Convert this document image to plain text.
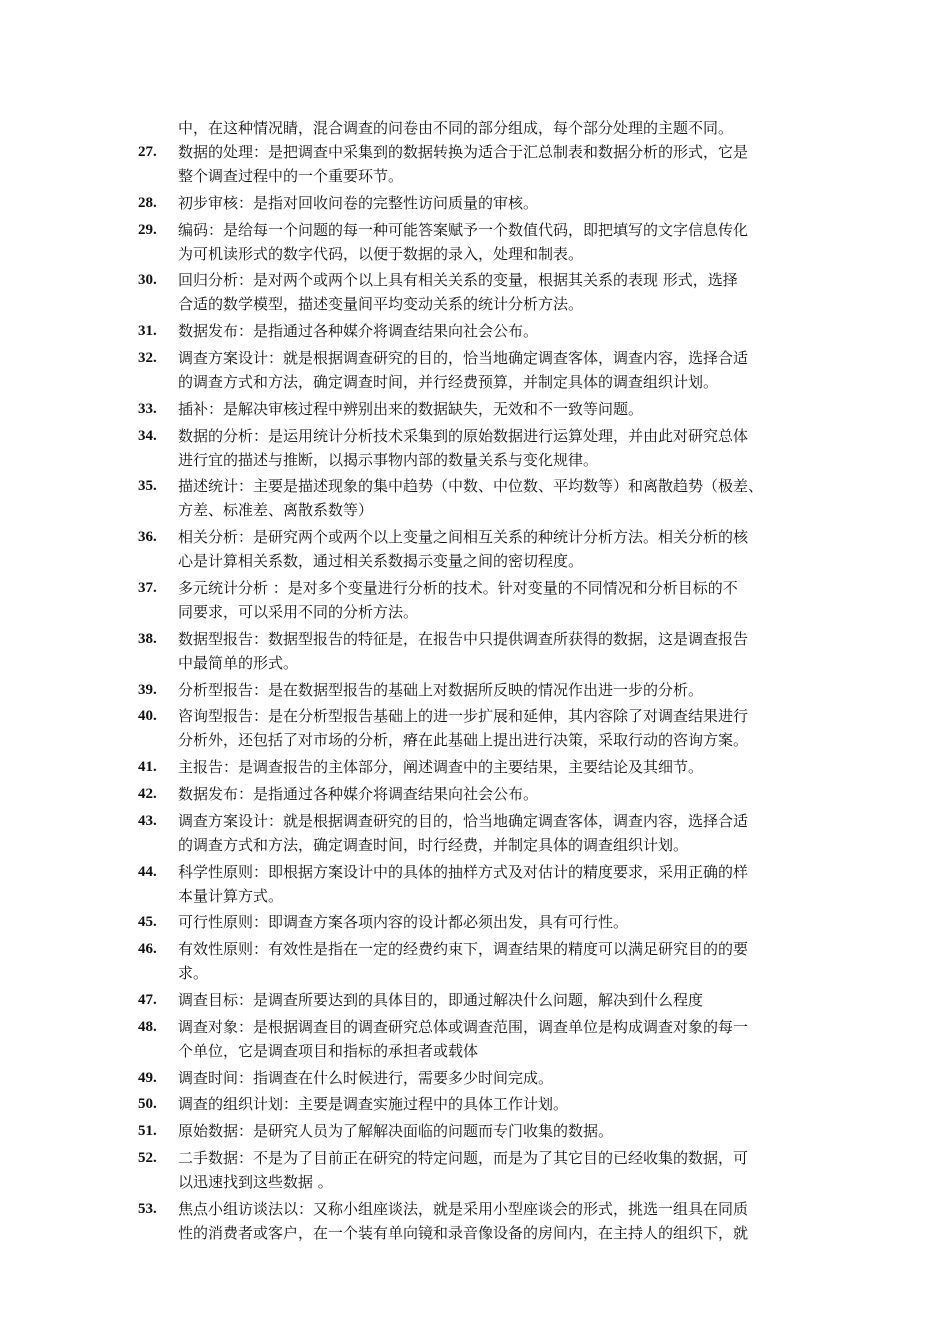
中，在这种情况睛，混合调查的问卷由不同的部分组成，每个部分处理的主题不同。
27.	数据的处理：是把调查中采集到的数据转换为适合于汇总制表和数据分析的形式，它是
整个调查过程中的一个重要环节。
28.	初步审核：是指对回收问卷的完整性访问质量的审核。
29.	编码：是给每一个问题的每一种可能答案赋予一个数值代码，即把填写的文字信息传化
为可机读形式的数字代码，以便于数据的录入，处理和制表。
30.	回归分析：是对两个或两个以上具有相关关系的变量，根据其关系的表现 形式，选择
合适的数学模型，描述变量间平均变动关系的统计分析方法。
31.	数据发布：是指通过各种媒介将调查结果向社会公布。
32.	调查方案设计：就是根据调查研究的目的，恰当地确定调查客体，调查内容，选择合适
的调查方式和方法，确定调查时间，并行经费预算，并制定具体的调查组织计划。
33.	插补：是解决审核过程中辨别出来的数据缺失，无效和不一致等问题。
34.	数据的分析：是运用统计分析技术采集到的原始数据进行运算处理，并由此对研究总体
进行宜的描述与推断，以揭示事物内部的数量关系与变化规律。
35.	描述统计：主要是描述现象的集中趋势（中数、中位数、平均数等）和离散趋势（极差、
方差、标准差、离散系数等）
36.	相关分析：是研究两个或两个以上变量之间相互关系的种统计分析方法。相关分析的核
心是计算相关系数，通过相关系数揭示变量之间的密切程度。
37.	多元统计分析 ：是对多个变量进行分析的技术。针对变量的不同情况和分析目标的不
同要求，可以采用不同的分析方法。
38.	数据型报告：数据型报告的特征是，在报告中只提供调查所获得的数据，这是调查报告
中最简单的形式。
39.	分析型报告：是在数据型报告的基础上对数据所反映的情况作出进一步的分析。
40.	咨询型报告：是在分析型报告基础上的进一步扩展和延伸，其内容除了对调查结果进行
分析外，还包括了对市场的分析，瘠在此基础上提出进行决策，采取行动的咨询方案。
41.	主报告：是调查报告的主体部分，阐述调查中的主要结果，主要结论及其细节。
42.	数据发布：是指通过各种媒介将调查结果向社会公布。
43.	调查方案设计：就是根据调查研究的目的，恰当地确定调查客体，调查内容，选择合适
的调查方式和方法，确定调查时间，时行经费，并制定具体的调查组织计划。
44.	科学性原则：即根据方案设计中的具体的抽样方式及对估计的精度要求，采用正确的样
本量计算方式。
45.	可行性原则：即调查方案各项内容的设计都必须出发，具有可行性。
46.	有效性原则：有效性是指在一定的经费约束下，调查结果的精度可以满足研究目的的要
求。
47.	调查目标：是调查所要达到的具体目的，即通过解决什么问题，解决到什么程度
48.	调查对象：是根据调查目的调查研究总体或调查范围，调查单位是构成调查对象的每一
个单位，它是调查项目和指标的承担者或载体
49.	调查时间：指调查在什么时候进行，需要多少时间完成。
50.	调查的组织计划：主要是调查实施过程中的具体工作计划。
51.	原始数据：是研究人员为了解解决面临的问题而专门收集的数据。
52.	二手数据：不是为了目前正在研究的特定问题，而是为了其它目的已经收集的数据，可
以迅速找到这些数据 。
53.	焦点小组访谈法以：又称小组座谈法，就是采用小型座谈会的形式，挑选一组具在同质
性的消费者或客户，在一个装有单向镜和录音像设备的房间内，在主持人的组织下，就
